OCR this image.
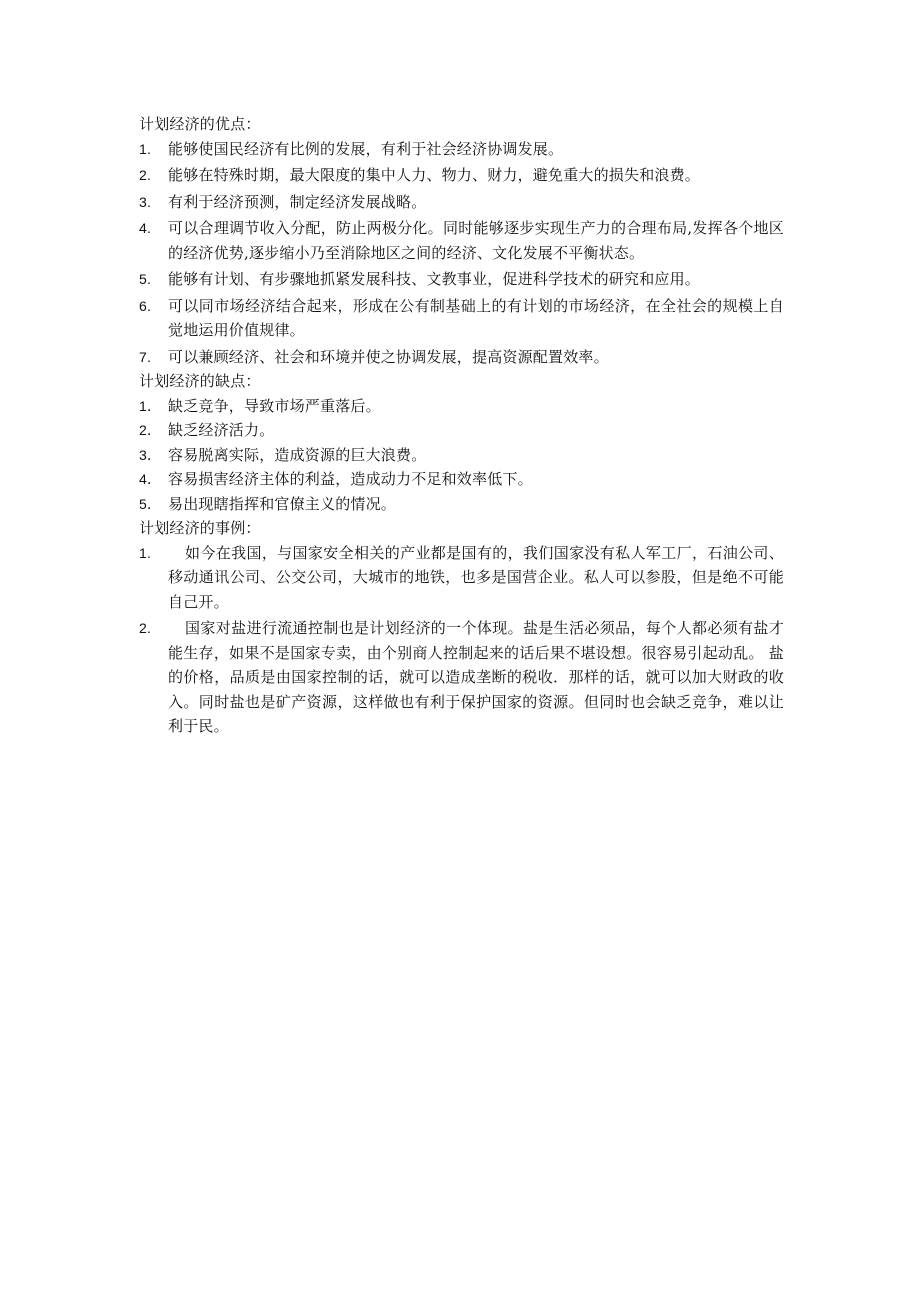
计划经济的优点：

1. 能够使国民经济有比例的发展，有利于社会经济协调发展。
2. 能够在特殊时期，最大限度的集中人力、物力、财力，避免重大的损失和浪费。
3. 有利于经济预测，制定经济发展战略。
4. 可以合理调节收入分配，防止两极分化。同时能够逐步实现生产力的合理布局,发挥各个地区的经济优势,逐步缩小乃至消除地区之间的经济、文化发展不平衡状态。
5. 能够有计划、有步骤地抓紧发展科技、文教事业，促进科学技术的研究和应用。
6. 可以同市场经济结合起来，形成在公有制基础上的有计划的市场经济，在全社会的规模上自觉地运用价值规律。
7. 可以兼顾经济、社会和环境并使之协调发展，提高资源配置效率。

计划经济的缺点：

1． 缺乏竞争，导致市场严重落后。
2． 缺乏经济活力。
3． 容易脱离实际，造成资源的巨大浪费。
4． 容易损害经济主体的利益，造成动力不足和效率低下。
5． 易出现瞎指挥和官僚主义的情况。

计划经济的事例：

1.	如今在我国，与国家安全相关的产业都是国有的，我们国家没有私人军工厂，石油公司、移动通讯公司、公交公司，大城市的地铁，也多是国营企业。私人可以参股，但是绝不可能自己开。
2.	国家对盐进行流通控制也是计划经济的一个体现。盐是生活必须品，每个人都必须有盐才能生存，如果不是国家专卖，由个别商人控制起来的话后果不堪设想。很容易引起动乱。 盐的价格，品质是由国家控制的话，就可以造成垄断的税收．那样的话，就可以加大财政的收入。同时盐也是矿产资源，这样做也有利于保护国家的资源。但同时也会缺乏竞争，难以让利于民。
